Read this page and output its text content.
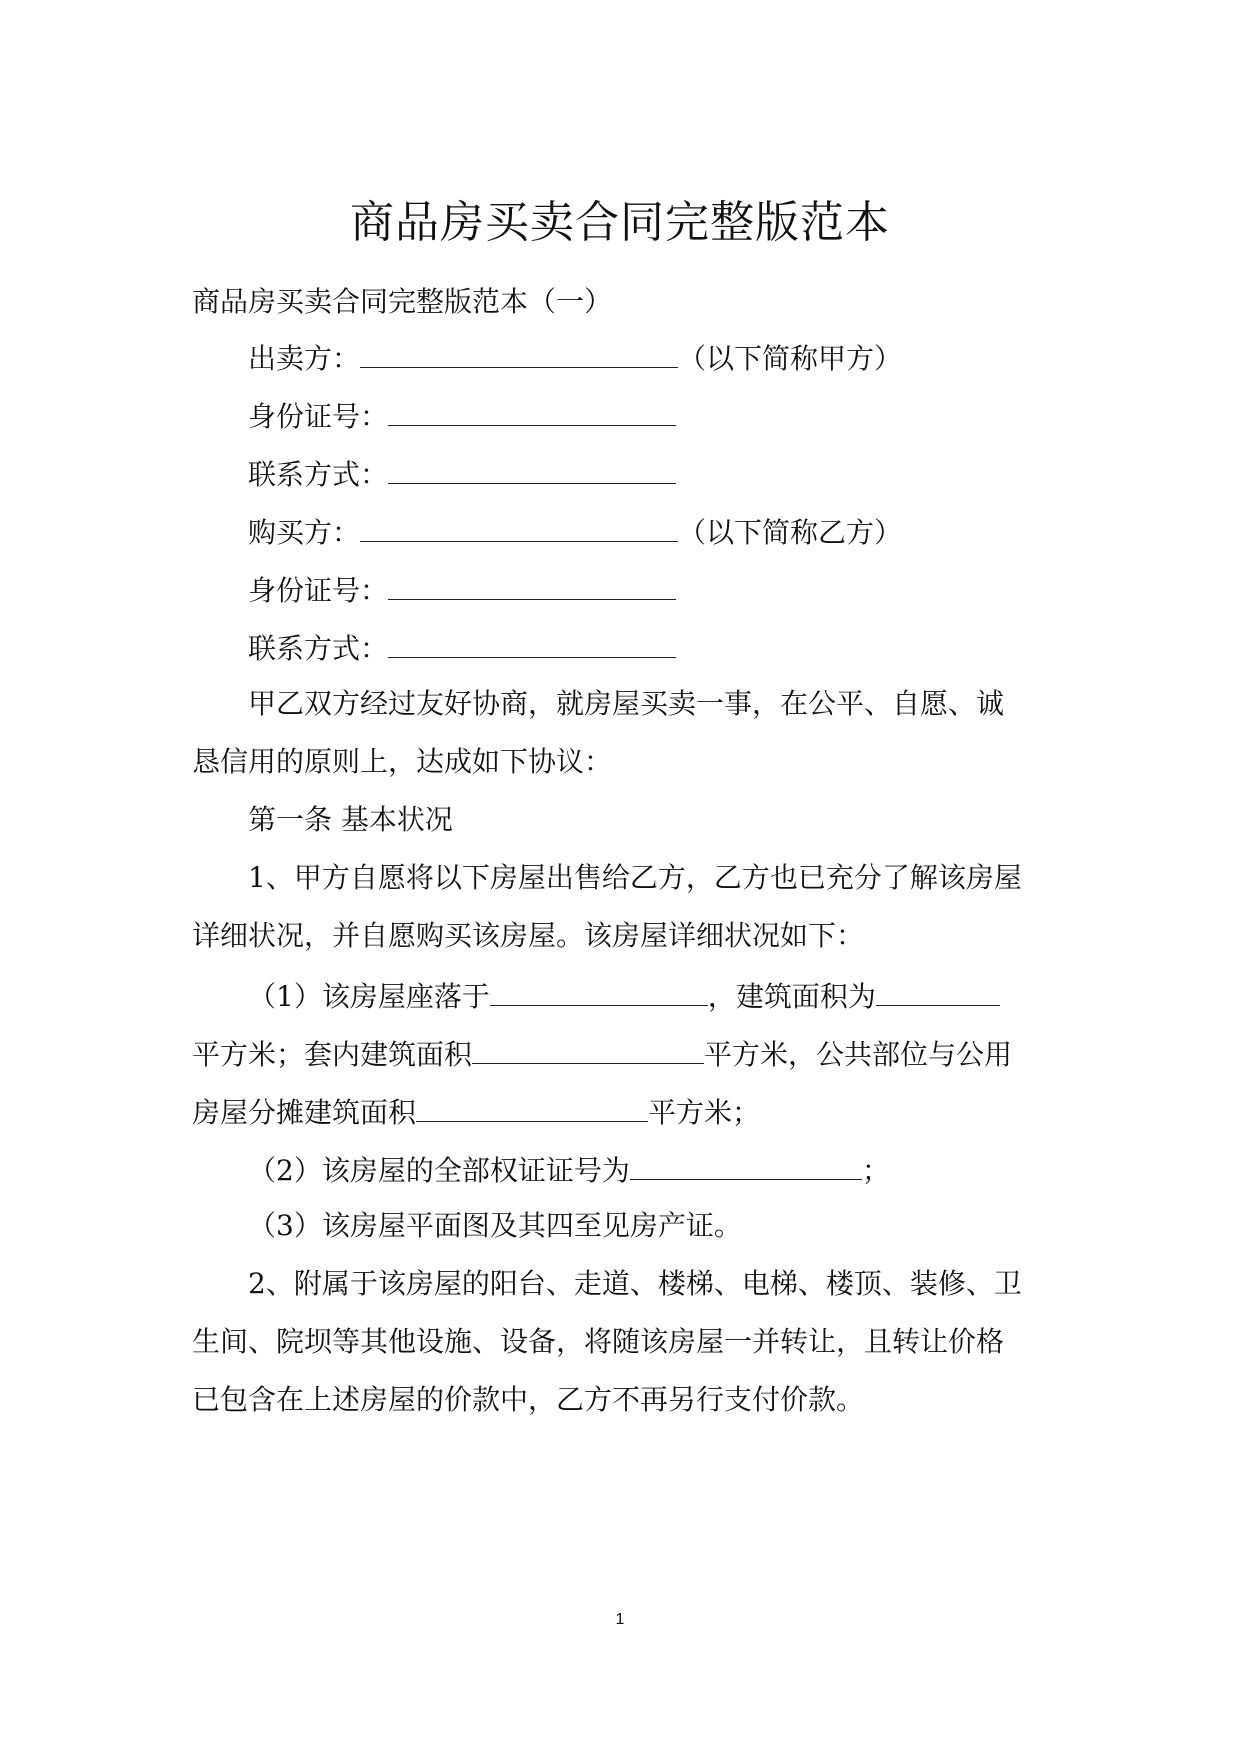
商品房买卖合同完整版范本

商品房买卖合同完整版范本（一）

出卖方：	（以下简称甲方）

身份证号：

联系方式：

购买方：	（以下简称乙方）

身份证号：

联系方式：

甲乙双方经过友好协商，就房屋买卖一事，在公平、自愿、诚

恳信用的原则上，达成如下协议：

第一条 基本状况

1、甲方自愿将以下房屋出售给乙方，乙方也已充分了解该房屋

详细状况，并自愿购买该房屋。该房屋详细状况如下：

（1）该房屋座落于	，建筑面积为

平方米；套内建筑面积	平方米，公共部位与公用

房屋分摊建筑面积	平方米；

（2）该房屋的全部权证证号为	；

（3）该房屋平面图及其四至见房产证。

2、附属于该房屋的阳台、走道、楼梯、电梯、楼顶、装修、卫

生间、院坝等其他设施、设备，将随该房屋一并转让，且转让价格

已包含在上述房屋的价款中，乙方不再另行支付价款。

1
